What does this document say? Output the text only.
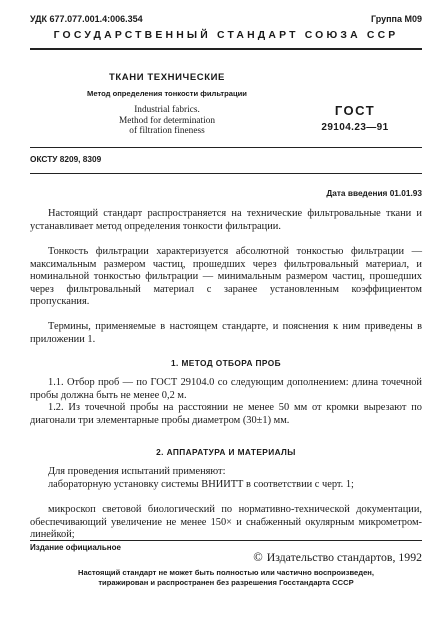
УДК 677.077.001.4:006.354	Группа М09
ГОСУДАРСТВЕННЫЙ СТАНДАРТ СОЮЗА ССР
ТКАНИ ТЕХНИЧЕСКИЕ
Метод определения тонкости фильтрации
Industrial fabrics.
Method for determination
of filtration fineness
ГОСТ
29104.23—91
ОКСТУ 8209, 8309
Дата введения 01.01.93

Настоящий стандарт распространяется на технические фильтровальные ткани и устанавливает метод определения тонкости фильтрации.

Тонкость фильтрации характеризуется абсолютной тонкостью фильтрации — максимальным размером частиц, прошедших через фильтровальный материал, и номинальной тонкостью фильтрации — минимальным размером частиц, прошедших через фильтровальный материал с заранее установленным коэффициентом пропускания.

Термины, применяемые в настоящем стандарте, и пояснения к ним приведены в приложении 1.

1. МЕТОД ОТБОРА ПРОБ

1.1. Отбор проб — по ГОСТ 29104.0 со следующим дополнением: длина точечной пробы должна быть не менее 0,2 м.

1.2. Из точечной пробы на расстоянии не менее 50 мм от кромки вырезают по диагонали три элементарные пробы диаметром (30±1) мм.

2. АППАРАТУРА И МАТЕРИАЛЫ

Для проведения испытаний применяют:

лабораторную установку системы ВНИИТТ в соответствии с черт. 1;

микроскоп световой биологический по нормативно-технической документации, обеспечивающий увеличение не менее 150× и снабженный окулярным микрометром-линейкой;

Издание официальное
© Издательство стандартов, 1992
Настоящий стандарт не может быть полностью или частично воспроизведен,
тиражирован и распространен без разрешения Госстандарта СССР
